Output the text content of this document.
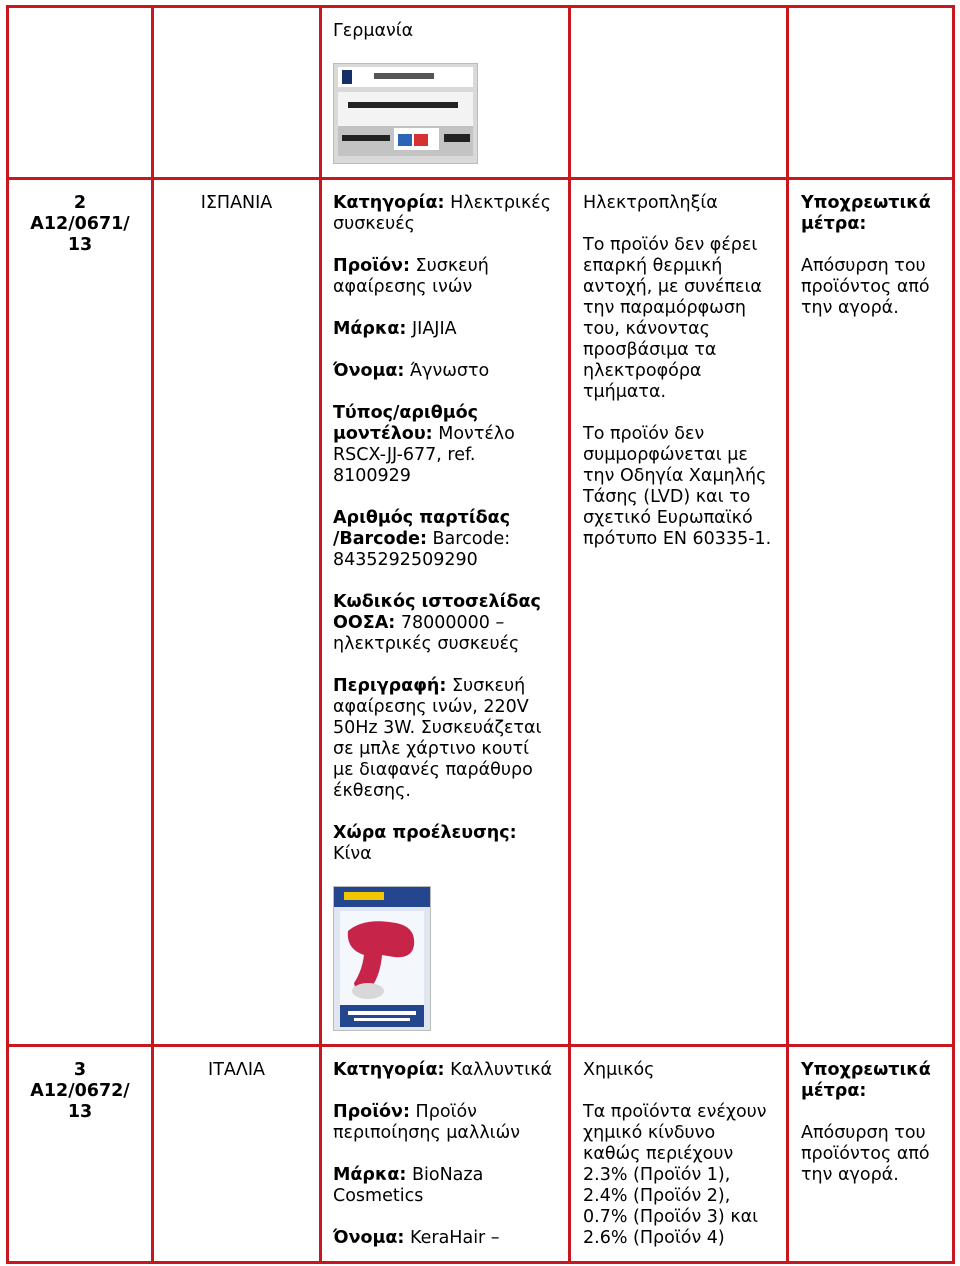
Γερμανία
2
A12/0671/
13
ΙΣΠΑΝΙΑ	Κατηγορία: Ηλεκτρικές συσκευές

Προϊόν: Συσκευή αφαίρεσης ινών

Μάρκα: JIAJIA

Όνομα: Άγνωστο

Τύπος/αριθμός μοντέλου: Μοντέλο RSCX-JJ-677, ref. 8100929

Αριθμός παρτίδας /Barcode: Barcode: 8435292509290

Κωδικός ιστοσελίδας ΟΟΣΑ: 78000000 – ηλεκτρικές συσκευές

Περιγραφή: Συσκευή αφαίρεσης ινών, 220V 50Hz 3W. Συσκευάζεται σε μπλε χάρτινο κουτί με διαφανές παράθυρο έκθεσης.

Χώρα προέλευσης:
Κίνα

Ηλεκτροπληξία

Το προϊόν δεν φέρει επαρκή θερμική αντοχή, με συνέπεια την παραμόρφωση του, κάνοντας προσβάσιμα τα ηλεκτροφόρα τμήματα.

Το προϊόν δεν συμμορφώνεται με την Οδηγία Χαμηλής Τάσης (LVD) και το σχετικό Ευρωπαϊκό πρότυπο EN 60335-1.

Υποχρεωτικά μέτρα:

Απόσυρση του προϊόντος από την αγορά.

3
A12/0672/
13
ΙΤΑΛΙΑ	Κατηγορία: Καλλυντικά

Προϊόν: Προϊόν περιποίησης μαλλιών

Μάρκα: BioNaza Cosmetics

Όνομα: KeraHair –

Χημικός

Τα προϊόντα ενέχουν χημικό κίνδυνο καθώς περιέχουν 2.3% (Προϊόν 1), 2.4% (Προϊόν 2), 0.7% (Προϊόν 3) και 2.6% (Προϊόν 4)

Υποχρεωτικά μέτρα:

Απόσυρση του προϊόντος από την αγορά.
